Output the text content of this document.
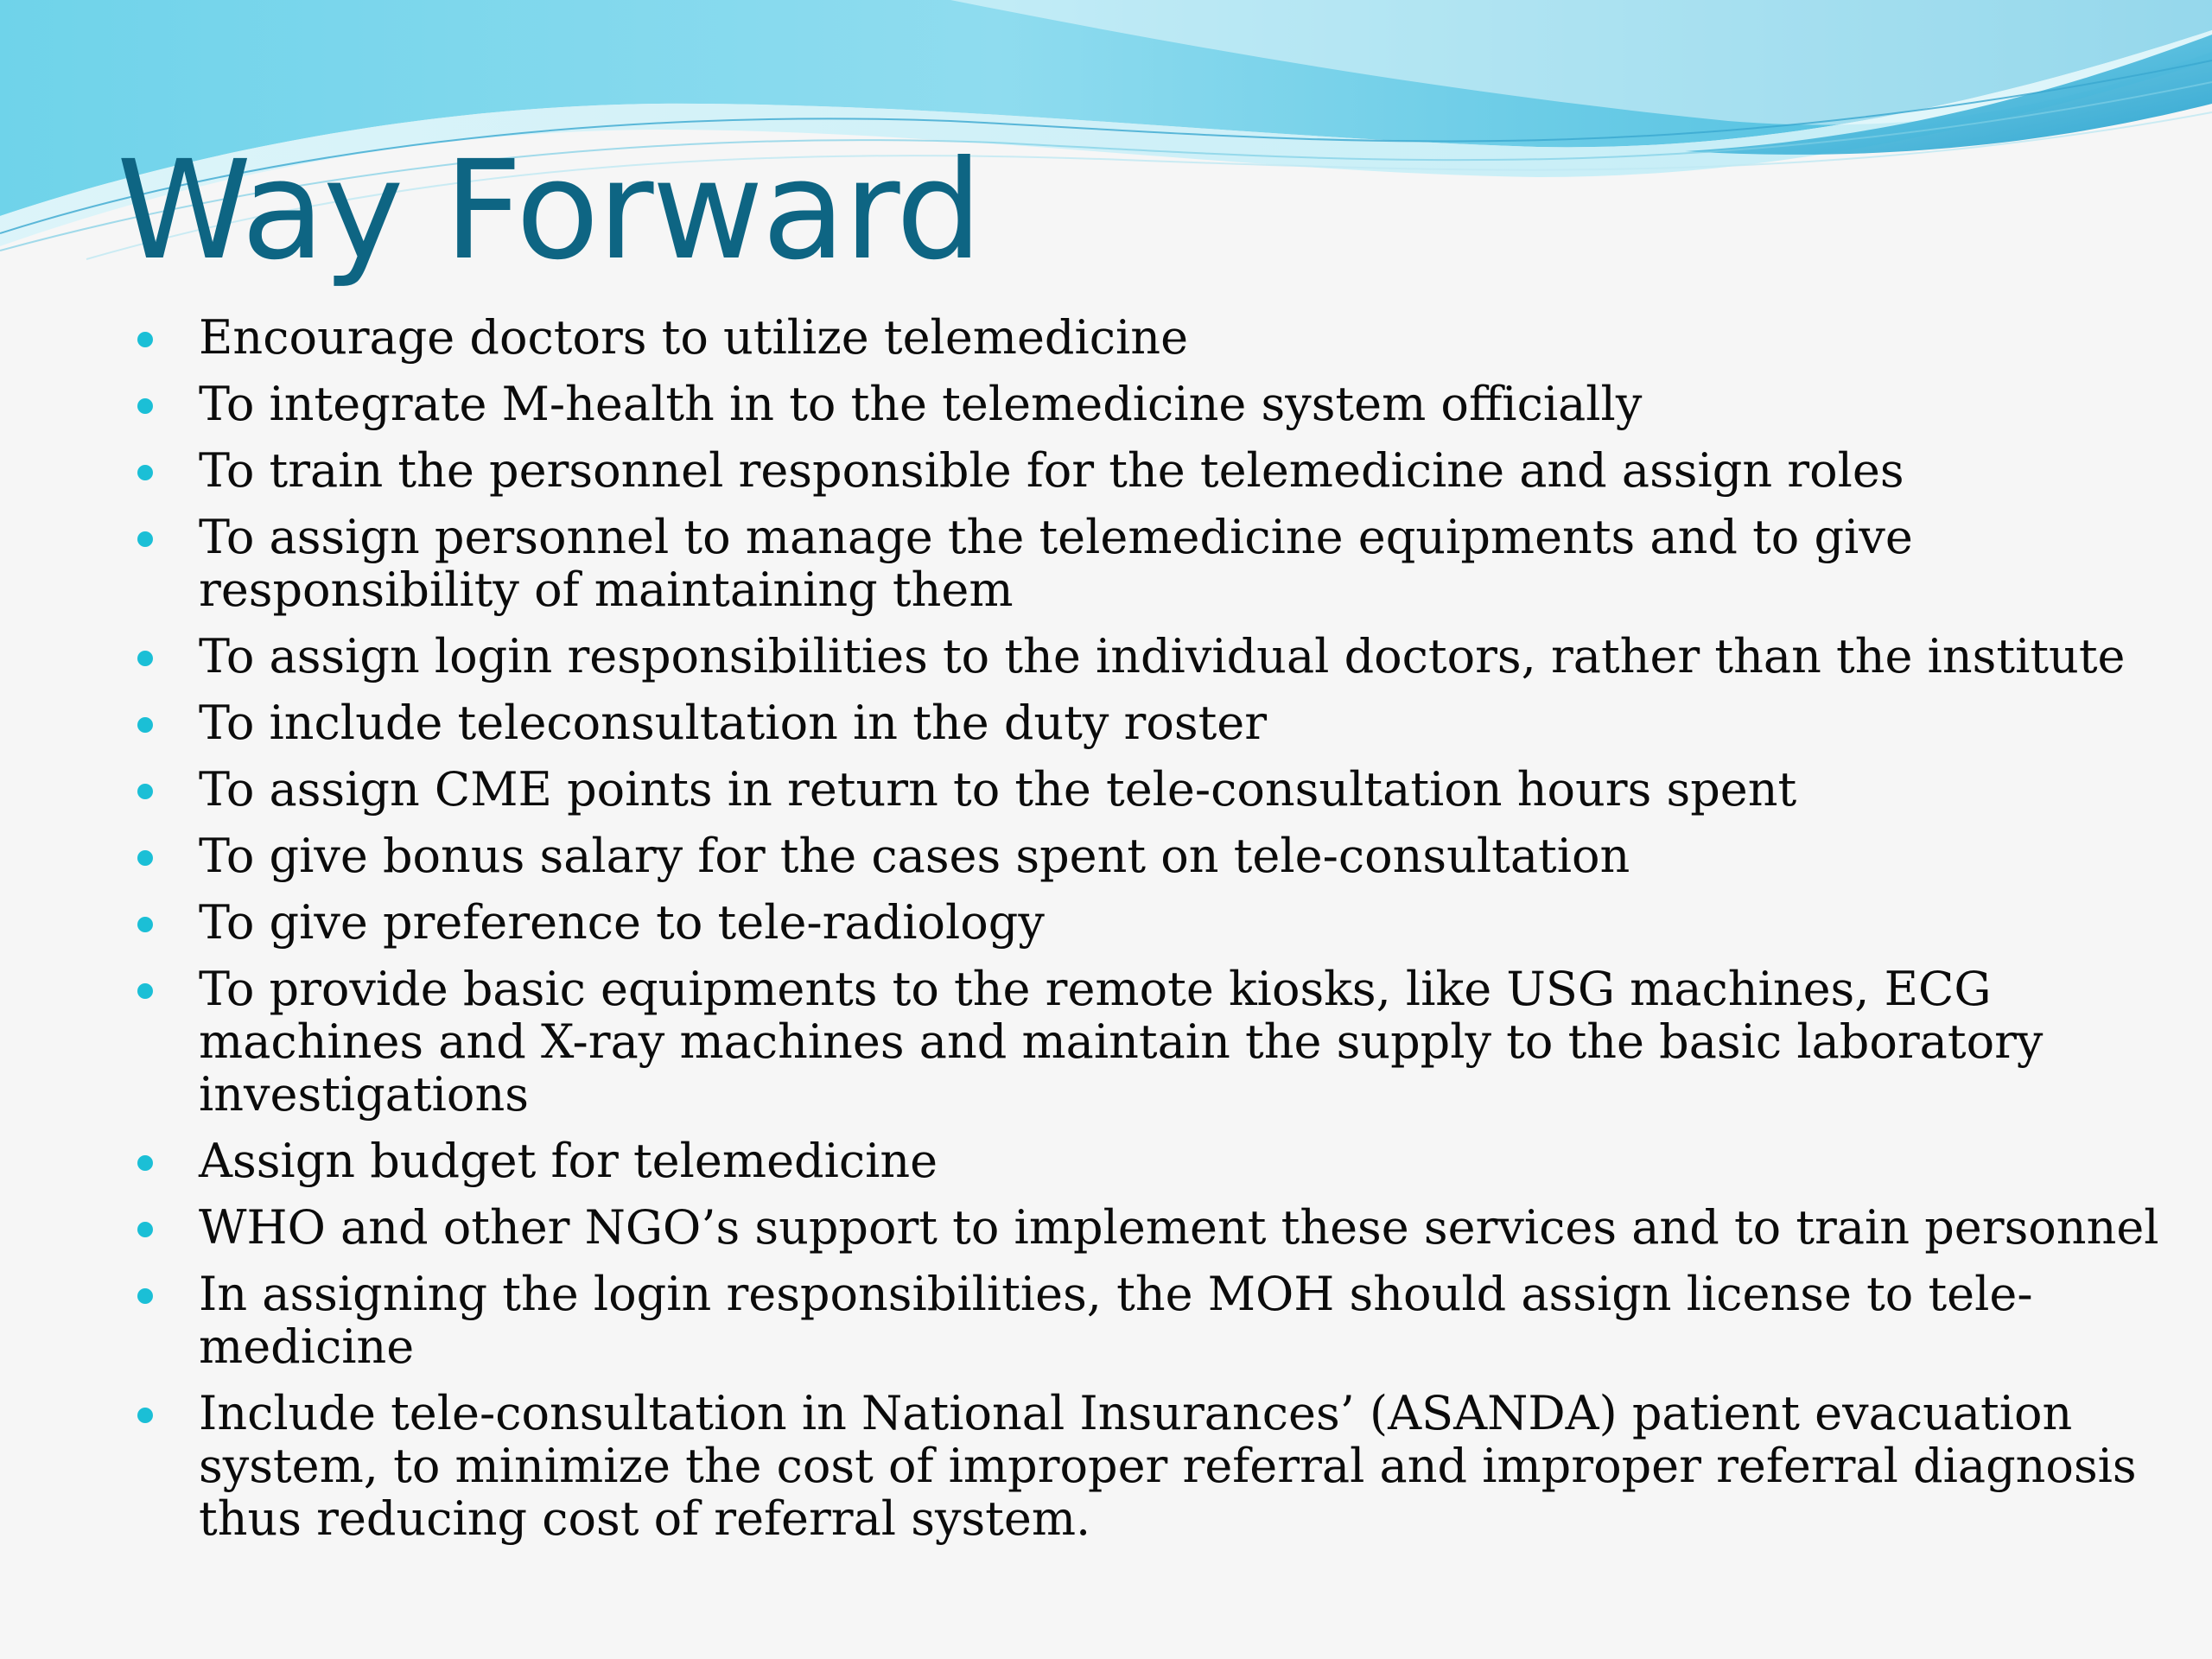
Way Forward
Encourage doctors to utilize telemedicine
To integrate M-health in to the telemedicine system officially
To train the personnel responsible for the telemedicine and assign roles
To assign personnel to manage the telemedicine equipments and to give responsibility of maintaining them
To assign login responsibilities to the individual doctors, rather than the institute
To include teleconsultation in the duty roster
To assign CME points in return to the tele-consultation hours spent
To give bonus salary for the cases spent on tele-consultation
To give preference to tele-radiology
To provide basic equipments to the remote kiosks, like USG machines, ECG machines and X-ray machines and maintain the supply to the basic laboratory investigations
Assign budget for telemedicine
WHO and other NGO’s support to implement these services and to train personnel
In assigning the login responsibilities, the MOH should assign license to tele-medicine
Include tele-consultation in National Insurances’ (ASANDA) patient evacuation system, to minimize the cost of improper referral and improper referral diagnosis thus reducing cost of referral system.
